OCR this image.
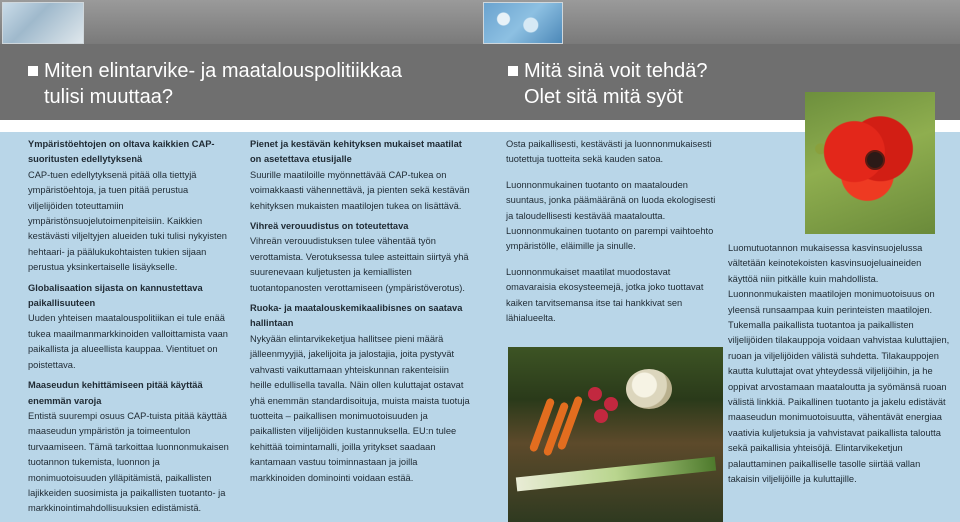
Miten elintarvike- ja maatalouspolitiikkaa
tulisi muuttaa?
Mitä sinä voit tehdä?
Olet sitä mitä syöt

Ympäristöehtojen on oltava kaikkien CAP-suoritusten edellytyksenä
CAP-tuen edellytyksenä pitää olla tiettyjä ympäristöehtoja, ja tuen pitää perustua viljelijöiden toteuttamiin ympäristönsuojelutoimenpiteisiin. Kaikkien kestävästi viljeltyjen alueiden tuki tulisi nykyisten hehtaari- ja päälukukohtaisten tukien sijaan perustua yksinkertaiselle lisäykselle.

Globalisaation sijasta on kannustettava paikallisuuteen
Uuden yhteisen maatalouspolitiikan ei tule enää tukea maailmanmarkkinoiden valloittamista vaan paikallista ja alueellista kauppaa. Vientituet on poistettava.

Maaseudun kehittämiseen pitää käyttää enemmän varoja
Entistä suurempi osuus CAP-tuista pitää käyttää maaseudun ympäristön ja toimeentulon turvaamiseen. Tämä tarkoittaa luonnonmukaisen tuotannon tukemista, luonnon ja monimuotoisuuden ylläpitämistä, paikallisten lajikkeiden suosimista ja paikallisten tuotanto- ja markkinointimahdollisuuksien edistämistä.

Pienet ja kestävän kehityksen mukaiset maatilat on asetettava etusijalle
Suurille maatiloille myönnettävää CAP-tukea on voimakkaasti vähennettävä, ja pienten sekä kestävän kehityksen mukaisten maatilojen tukea on lisättävä.

Vihreä verouudistus on toteutettava
Vihreän verouudistuksen tulee vähentää työn verottamista. Verotuksessa tulee asteittain siirtyä yhä suurenevaan kuljetusten ja kemiallisten tuotantopanosten verottamiseen (ympäristöverotus).

Ruoka- ja maatalouskemikaalibisnes on saatava hallintaan
Nykyään elintarvikeketjua hallitsee pieni määrä jälleenmyyjiä, jakelijoita ja jalostajia, joita pystyvät vahvasti vaikuttamaan yhteiskunnan rakenteisiin heille edullisella tavalla. Näin ollen kuluttajat ostavat yhä enemmän standardisoituja, muista maista tuotuja tuotteita – paikallisen monimuotoisuuden ja paikallisten viljelijöiden kustannuksella. EU:n tulee kehittää toimintamalli, joilla yritykset saadaan kantamaan vastuu toiminnastaan ja joilla markkinoiden dominointi voidaan estää.

Osta paikallisesti, kestävästi ja luonnonmukaisesti tuotettuja tuotteita sekä kauden satoa.

Luonnonmukainen tuotanto on maatalouden suuntaus, jonka päämääränä on luoda ekologisesti ja taloudellisesti kestävää maataloutta. Luonnonmukainen tuotanto on parempi vaihtoehto ympäristölle, eläimille ja sinulle.

Luonnonmukaiset maatilat muodostavat omavaraisia ekosysteemejä, jotka joko tuottavat kaiken tarvitsemansa itse tai hankkivat sen lähialueelta.

Luomutuotannon mukaisessa kasvinsuojelussa vältetään keinotekoisten kasvinsuojeluaineiden käyttöä niin pitkälle kuin mahdollista. Luonnonmukaisten maatilojen monimuotoisuus on yleensä runsaampaa kuin perinteisten maatilojen. Tukemalla paikallista tuotantoa ja paikallisten viljelijöiden tilakauppoja voidaan vahvistaa kuluttajien, ruoan ja viljelijöiden välistä suhdetta. Tilakauppojen kautta kuluttajat ovat yhteydessä viljelijöihin, ja he oppivat arvostamaan maataloutta ja syömänsä ruoan välistä linkkiä. Paikallinen tuotanto ja jakelu edistävät maaseudun monimuotoisuutta, vähentävät energiaa vaativia kuljetuksia ja vahvistavat paikallista taloutta sekä paikallisia yhteisöjä. Elintarvikeketjun palauttaminen paikalliselle tasolle siirtää vallan takaisin viljelijöille ja kuluttajille.
